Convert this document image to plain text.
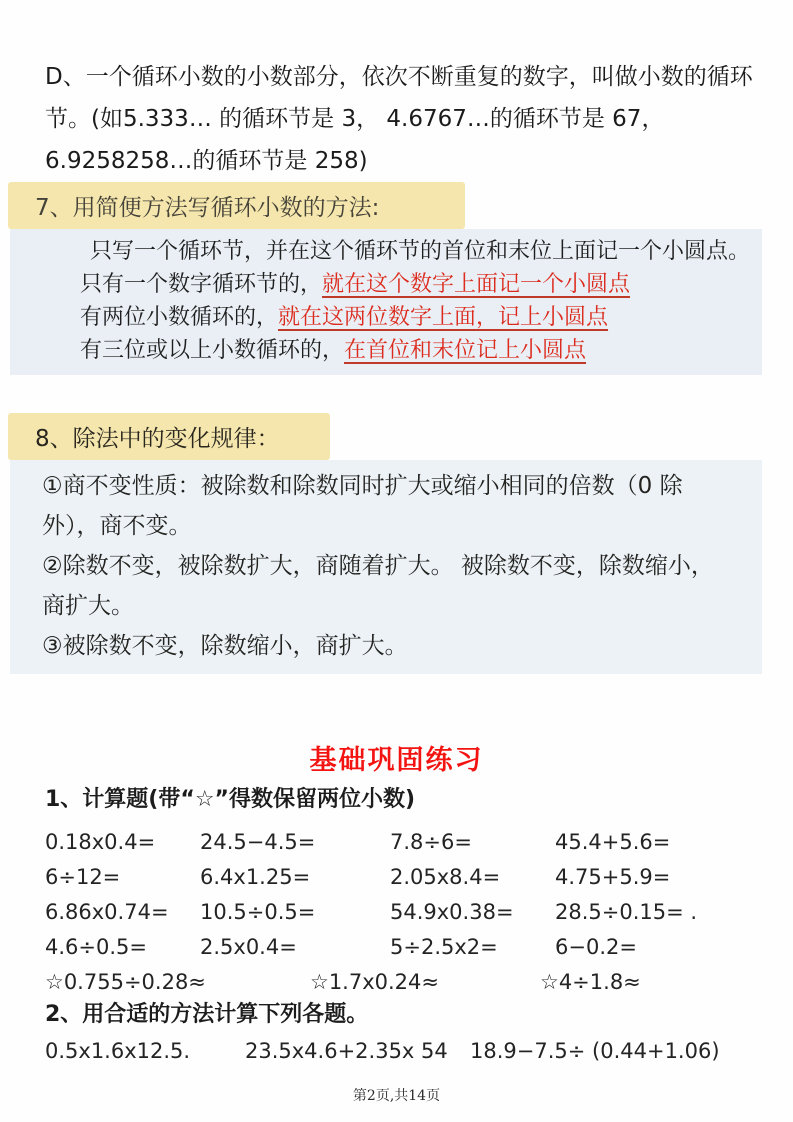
D、一个循环小数的小数部分，依次不断重复的数字，叫做小数的循环节。(如5.333… 的循环节是 3， 4.6767…的循环节是 67， 6.9258258…的循环节是 258)

7、用简便方法写循环小数的方法:
只写一个循环节，并在这个循环节的首位和末位上面记一个小圆点。
只有一个数字循环节的，就在这个数字上面记一个小圆点
有两位小数循环的，就在这两位数字上面，记上小圆点
有三位或以上小数循环的，在首位和末位记上小圆点
8、除法中的变化规律：
①商不变性质：被除数和除数同时扩大或缩小相同的倍数（0 除外），商不变。
②除数不变，被除数扩大，商随着扩大。 被除数不变，除数缩小，商扩大。
③被除数不变，除数缩小，商扩大。
基础巩固练习
1、计算题(带“☆”得数保留两位小数)
0.18x0.4=	24.5−4.5=	7.8÷6=	45.4+5.6=
6÷12=	6.4x1.25=	2.05x8.4=	4.75+5.9=
6.86x0.74=	10.5÷0.5=	54.9x0.38=	28.5÷0.15= .
4.6÷0.5=	2.5x0.4=	5÷2.5x2=	6−0.2=
☆0.755÷0.28≈	☆1.7x0.24≈	☆4÷1.8≈
2、用合适的方法计算下列各题。
0.5x1.6x12.5.	23.5x4.6+2.35x 54	18.9−7.5÷ (0.44+1.06)
第2页,共14页
